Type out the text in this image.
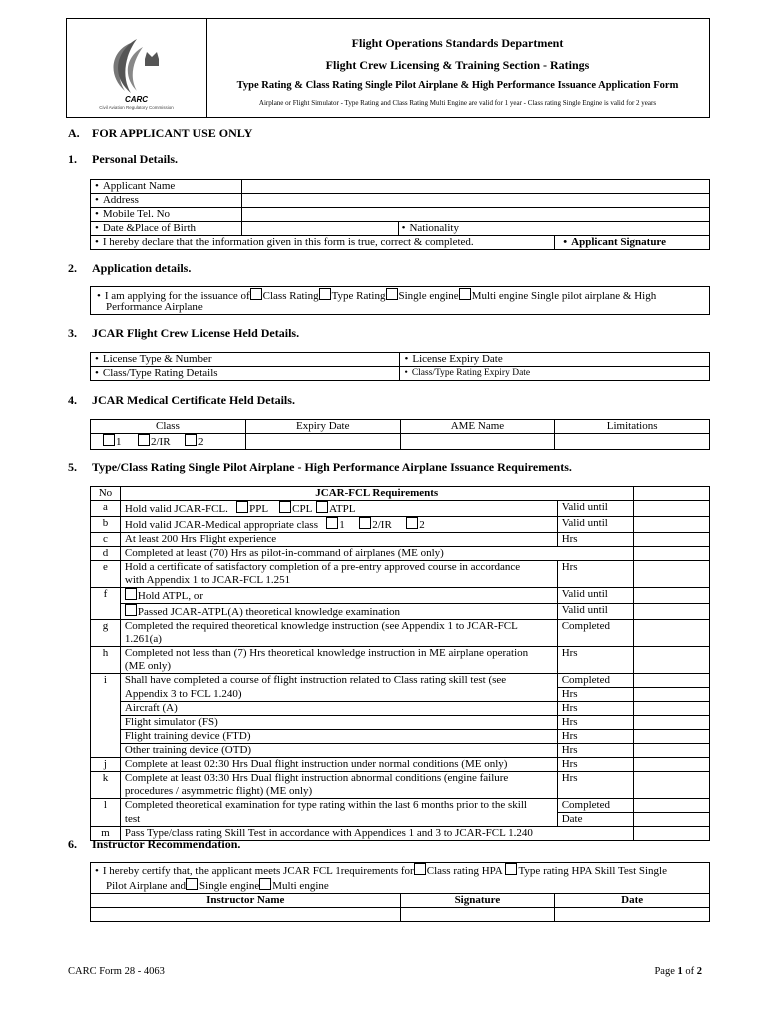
CARC
Civil Aviation Regulatory Commission
Flight Operations Standards Department
Flight Crew Licensing & Training Section - Ratings
Type Rating & Class Rating Single Pilot Airplane & High Performance Issuance Application Form
Airplane or Flight Simulator - Type Rating and Class Rating Multi Engine are valid for 1 year - Class rating Single Engine is valid for 2 years
A. FOR APPLICANT USE ONLY
1. Personal Details.
• Applicant Name	
• Address	
• Mobile Tel. No	
• Date &Place of Birth		• Nationality
• I hereby declare that the information given in this form is true, correct & completed.			• Applicant Signature
2. Application details.
• I am applying for the issuance of Class Rating Type Rating Single engine Multi engine Single pilot airplane & High
Performance Airplane
3. JCAR Flight Crew License Held Details.
• License Type & Number	• License Expiry Date
• Class/Type Rating Details	• Class/Type Rating Expiry Date
4. JCAR Medical Certificate Held Details.
Class	Expiry Date	AME Name	Limitations
1 2/IR 2			
5. Type/Class Rating Single Pilot Airplane - High Performance Airplane Issuance Requirements.
No	JCAR-FCL Requirements		
a	Hold valid JCAR-FCL. PPL CPL ATPL	Valid until	
b	Hold valid JCAR-Medical appropriate class 1 2/IR 2	Valid until	
c	At least 200 Hrs Flight experience	Hrs	
d	Completed at least (70) Hrs as pilot-in-command of airplanes (ME only)		
e	Hold a certificate of satisfactory completion of a pre-entry approved course in accordance	Hrs	
	with Appendix 1 to JCAR-FCL 1.251		
f	Hold ATPL, or	Valid until	
	Passed JCAR-ATPL(A) theoretical knowledge examination	Valid until	
g	Completed the required theoretical knowledge instruction (see Appendix 1 to JCAR-FCL	Completed	
	1.261(a)		
h	Completed not less than (7) Hrs theoretical knowledge instruction in ME airplane operation	Hrs	
	(ME only)		
i	Shall have completed a course of flight instruction related to Class rating skill test (see	Completed	
	Appendix 3 to FCL 1.240)	Hrs	
	Aircraft (A)	Hrs	
	Flight simulator (FS)	Hrs	
	Flight training device (FTD)	Hrs	
	Other training device (OTD)	Hrs	
j	Complete at least 02:30 Hrs Dual flight instruction under normal conditions (ME only)	Hrs	
k	Complete at least 03:30 Hrs Dual flight instruction abnormal conditions (engine failure	Hrs	
	procedures / asymmetric flight) (ME only)		
l	Completed theoretical examination for type rating within the last 6 months prior to the skill	Completed	
	test	Date	
m	Pass Type/class rating Skill Test in accordance with Appendices 1 and 3 to JCAR-FCL 1.240		
6. Instructor Recommendation.
• I hereby certify that, the applicant meets JCAR FCL 1requirements for Class rating HPA Type rating HPA Skill Test Single
Pilot Airplane and Single engine Multi engine		
Instructor Name	Signature	Date

CARC Form 28 - 4063	Page 1 of 2
